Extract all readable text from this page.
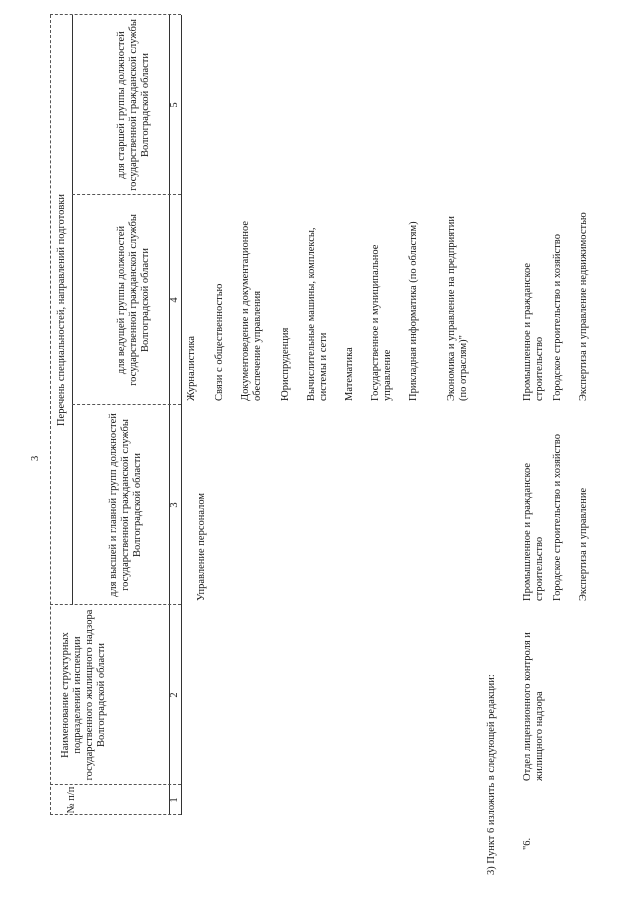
3
№ п/п
Наименование структурных подразделений инспекции государственного жилищного надзора Волгоградской области
Перечень специальностей, направлений подготовки
для высшей и главной групп должностей государственной гражданской службы Волгоградской области
для ведущей группы должностей государственной гражданской службы Волгоградской области
для старшей группы должностей государственной гражданской службы Волгоградской области
1
2
3
4
5
Управление персоналом
Журналистика Связи с общественностью Документоведение и документационное обеспечение управления Юриспруденция Вычислительные машины, комплексы, системы и сети Математика Государственное и муниципальное управление Прикладная информатика (по областям)	Экономика и управление на предприятии (по отраслям)"
3) Пункт 6 изложить в следующей редакции: "6.
Отдел лицензионного контроля и жилищного надзора
Промышленное и гражданское строительство Городское строительство и хозяйство Экспертиза и управление
Промышленное и гражданское строительство Городское строительство и хозяйство Экспертиза и управление недвижимостью
